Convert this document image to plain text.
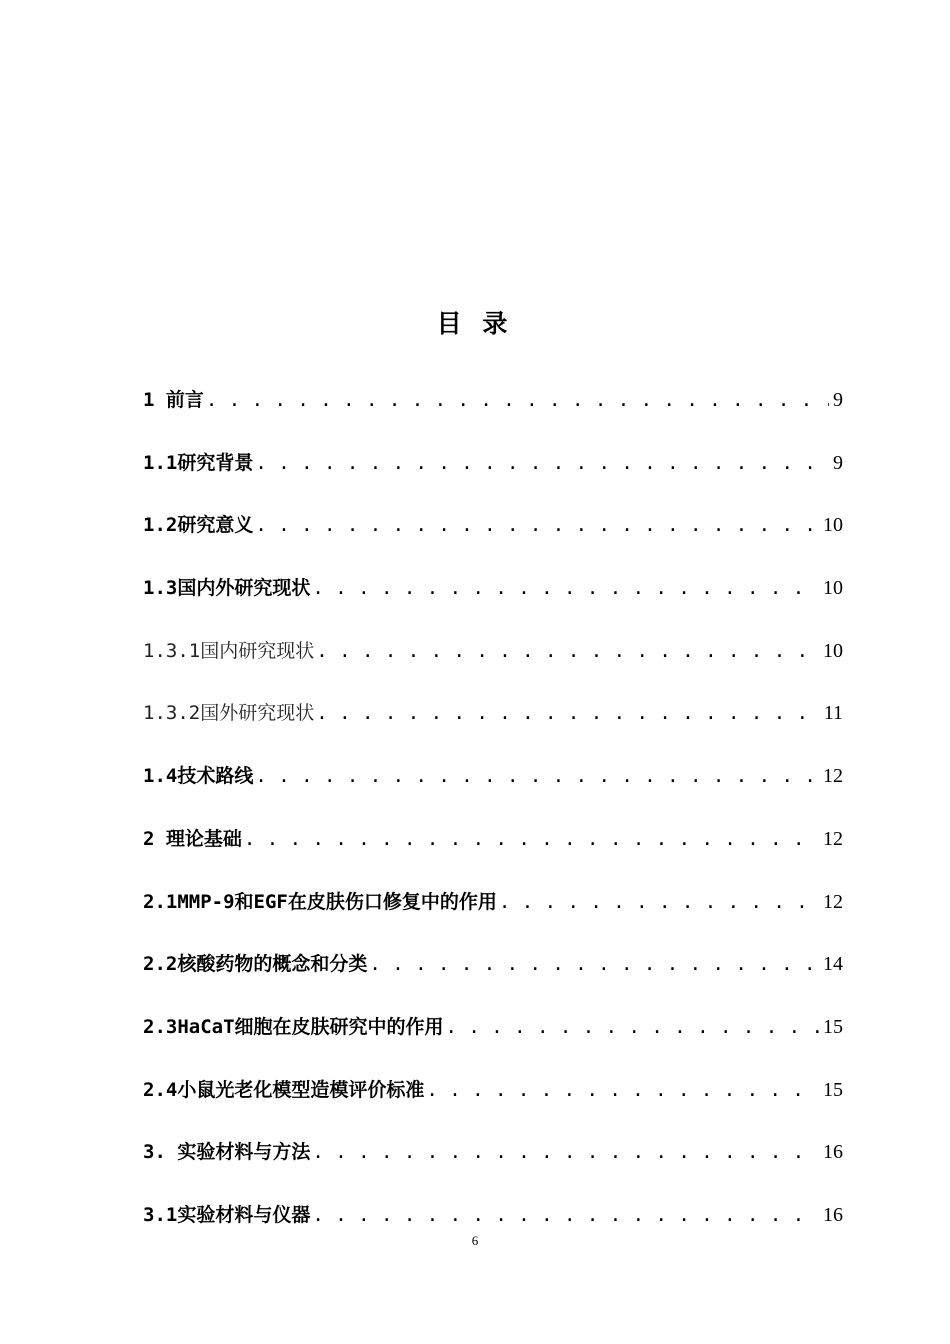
目 录
1 前言 . . .	9
1.1研究背景 . . .	9
1.2研究意义 . . .	10
1.3国内外研究现状 . . .	10
1.3.1国内研究现状 . . .	10
1.3.2国外研究现状 . . .	11
1.4技术路线 . . .	12
2 理论基础 . . .	12
2.1MMP-9和EGF在皮肤伤口修复中的作用 . . .	12
2.2核酸药物的概念和分类 . . .	14
2.3HaCaT细胞在皮肤研究中的作用 . . .	15
2.4小鼠光老化模型造模评价标准 . . .	15
3. 实验材料与方法 . . .	16
3.1实验材料与仪器 . . .	16
6
